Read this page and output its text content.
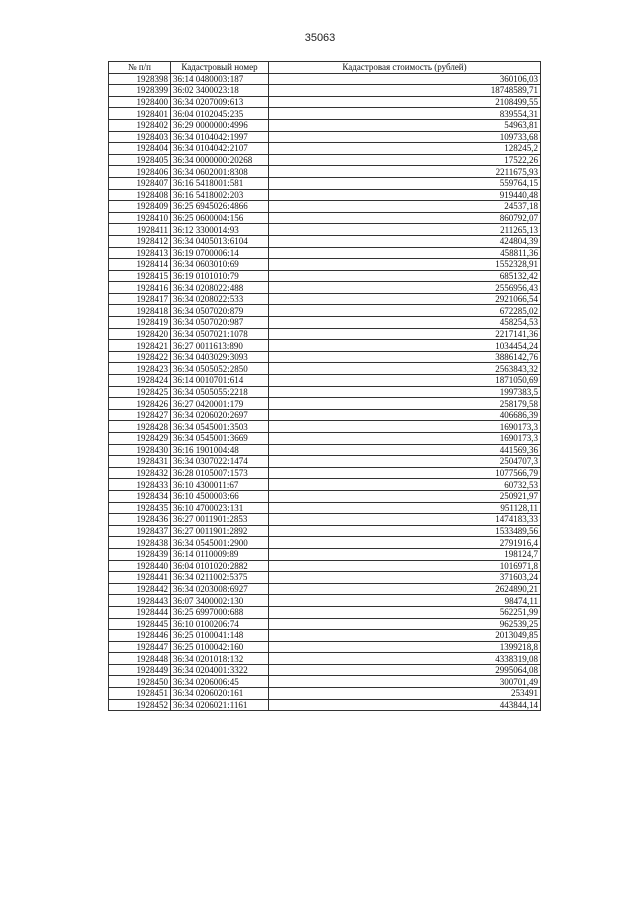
35063
№ п/п	Кадастровый номер	Кадастровая стоимость (рублей)
1928398	36:14 0480003:187	360106,03
1928399	36:02 3400023:18	18748589,71
1928400	36:34 0207009:613	2108499,55
1928401	36:04 0102045:235	839554,31
1928402	36:29 0000000:4996	54963,81
1928403	36:34 0104042:1997	109733,68
1928404	36:34 0104042:2107	128245,2
1928405	36:34 0000000:20268	17522,26
1928406	36:34 0602001:8308	2211675,93
1928407	36:16 5418001:581	559764,15
1928408	36:16 5418002:203	919440,48
1928409	36:25 6945026:4866	24537,18
1928410	36:25 0600004:156	860792,07
1928411	36:12 3300014:93	211265,13
1928412	36:34 0405013:6104	424804,39
1928413	36:19 0700006:14	458811,36
1928414	36:34 0603010:69	1552328,91
1928415	36:19 0101010:79	685132,42
1928416	36:34 0208022:488	2556956,43
1928417	36:34 0208022:533	2921066,54
1928418	36:34 0507020:879	672285,02
1928419	36:34 0507020:987	458254,53
1928420	36:34 0507021:1078	2217141,36
1928421	36:27 0011613:890	1034454,24
1928422	36:34 0403029:3093	3886142,76
1928423	36:34 0505052:2850	2563843,32
1928424	36:14 0010701:614	1871050,69
1928425	36:34 0505055:2218	1997383,5
1928426	36:27 0420001:179	258179,58
1928427	36:34 0206020:2697	406686,39
1928428	36:34 0545001:3503	1690173,3
1928429	36:34 0545001:3669	1690173,3
1928430	36:16 1901004:48	441569,36
1928431	36:34 0307022:1474	2504707,3
1928432	36:28 0105007:1573	1077566,79
1928433	36:10 4300011:67	60732,53
1928434	36:10 4500003:66	250921,97
1928435	36:10 4700023:131	951128,11
1928436	36:27 0011901:2853	1474183,33
1928437	36:27 0011901:2892	1533489,56
1928438	36:34 0545001:2900	2791916,4
1928439	36:14 0110009:89	198124,7
1928440	36:04 0101020:2882	1016971,8
1928441	36:34 0211002:5375	371603,24
1928442	36:34 0203008:6927	2624890,21
1928443	36:07 3400002:130	98474,11
1928444	36:25 6997000:688	562251,99
1928445	36:10 0100206:74	962539,25
1928446	36:25 0100041:148	2013049,85
1928447	36:25 0100042:160	1399218,8
1928448	36:34 0201018:132	4338319,08
1928449	36:34 0204001:3322	2995064,08
1928450	36:34 0206006:45	300701,49
1928451	36:34 0206020:161	253491
1928452	36:34 0206021:1161	443844,14
